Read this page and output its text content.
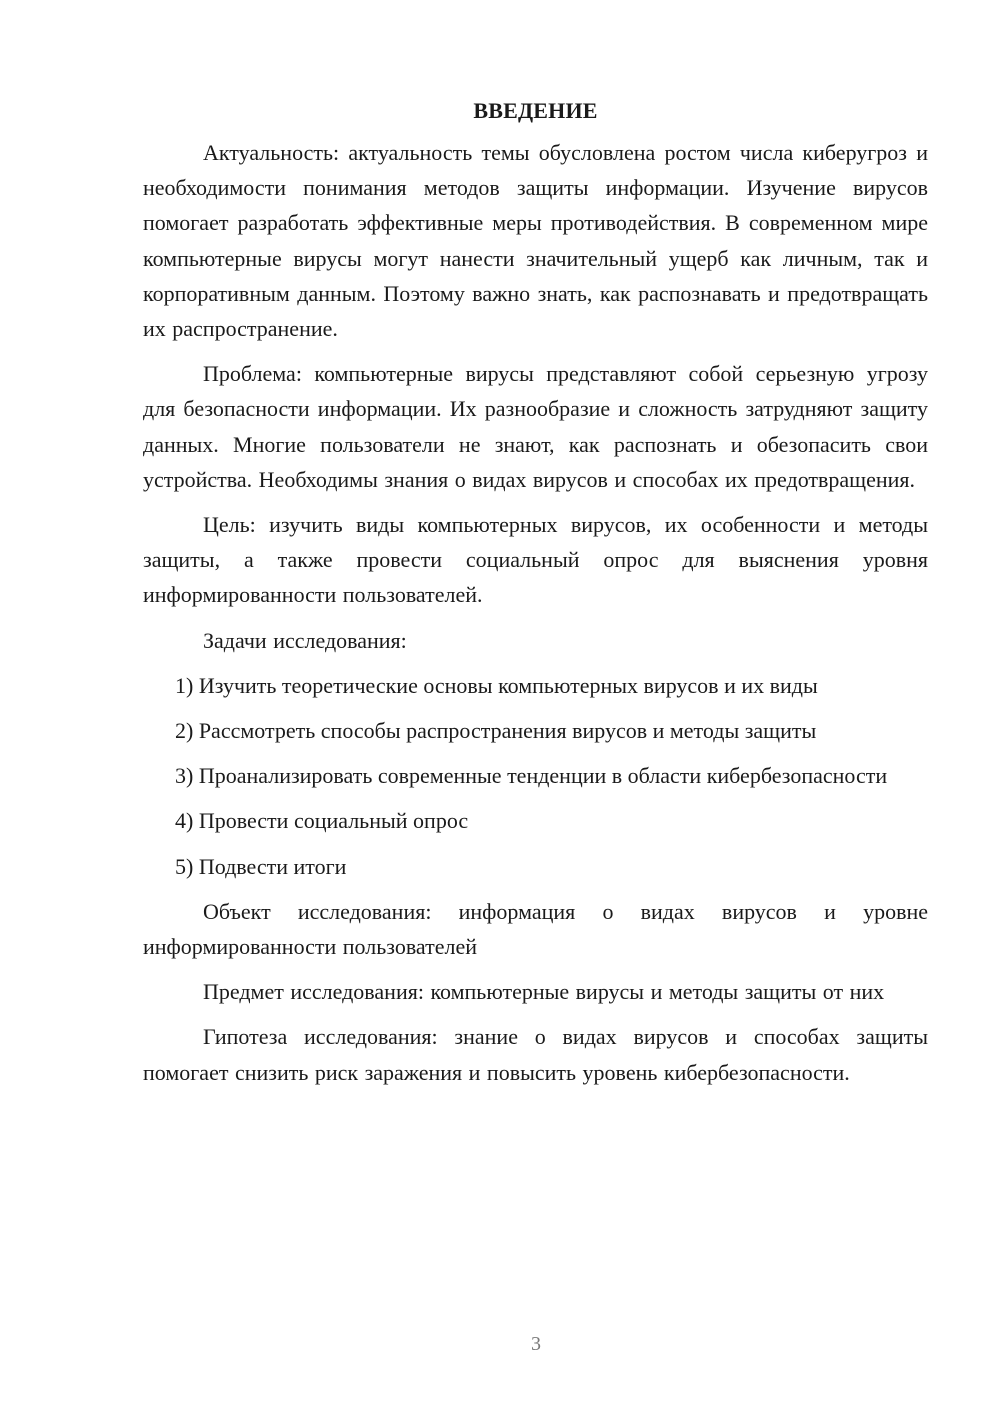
ВВЕДЕНИЕ

Актуальность: актуальность темы обусловлена ростом числа киберугроз и необходимости понимания методов защиты информации. Изучение вирусов помогает разработать эффективные меры противодействия. В современном мире компьютерные вирусы могут нанести значительный ущерб как личным, так и корпоративным данным. Поэтому важно знать, как распознавать и предотвращать их распространение.

Проблема: компьютерные вирусы представляют собой серьезную угрозу для безопасности информации. Их разнообразие и сложность затрудняют защиту данных. Многие пользователи не знают, как распознать и обезопасить свои устройства. Необходимы знания о видах вирусов и способах их предотвращения.

Цель: изучить виды компьютерных вирусов, их особенности и методы защиты, а также провести социальный опрос для выяснения уровня информированности пользователей.

Задачи исследования:

1) Изучить теоретические основы компьютерных вирусов и их виды

2) Рассмотреть способы распространения вирусов и методы защиты

3) Проанализировать современные тенденции в области кибербезопасности

4) Провести социальный опрос

5) Подвести итоги

Объект исследования: информация о видах вирусов и уровне информированности пользователей

Предмет исследования: компьютерные вирусы и методы защиты от них

Гипотеза исследования: знание о видах вирусов и способах защиты помогает снизить риск заражения и повысить уровень кибербезопасности.

3
